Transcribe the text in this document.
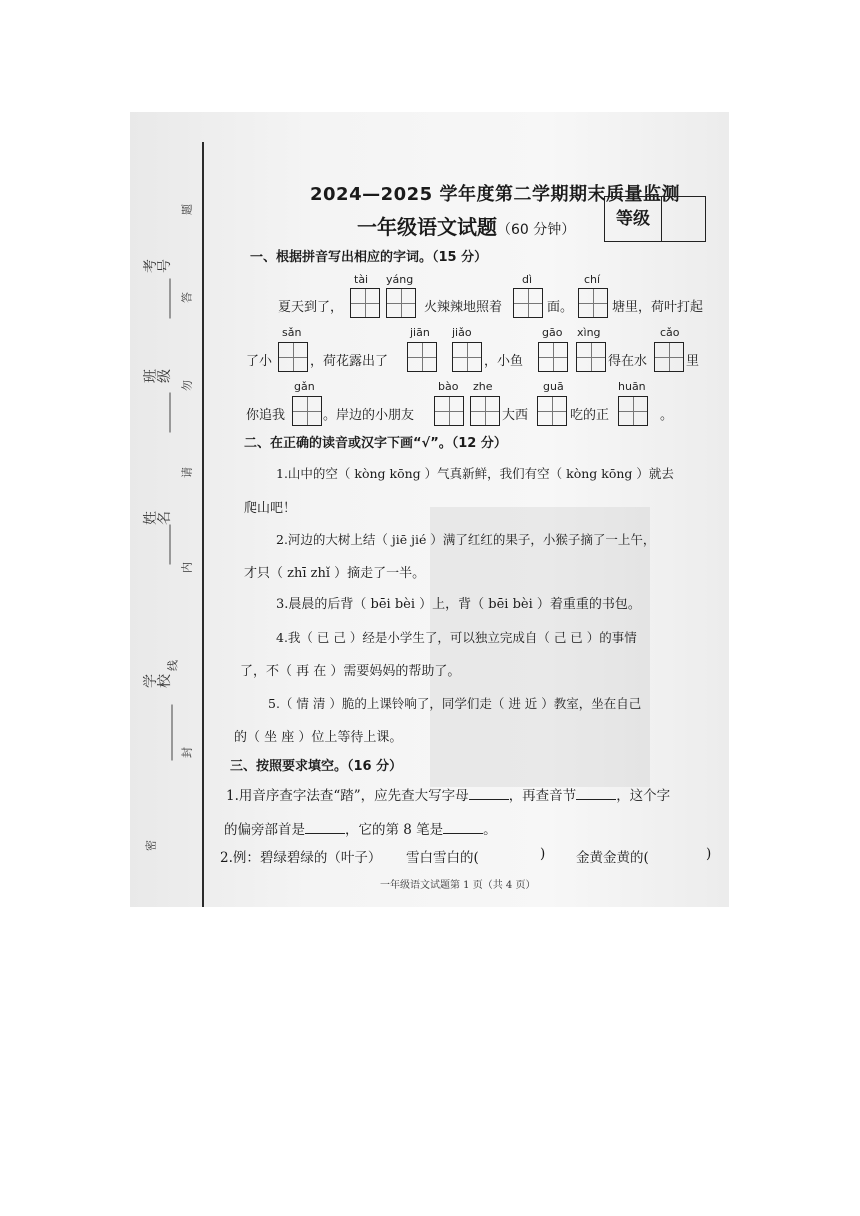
考号
班级
姓名
学校
题
答
勿
请
内
线
封
密
2024—2025 学年度第二学期期末质量监测
一年级语文试题（60 分钟）
等级
一、根据拼音写出相应的字词。（15 分）
tài yáng	dì	chí
夏天到了，	火辣辣地照着	面。	塘里，荷叶打起
sǎn	jiān jiǎo	gāo xìng	cǎo
了小	，荷花露出了	，小鱼	得在水	里
gǎn	bào zhe	guā	huān
你追我	。岸边的小朋友	大西	吃的正	。
二、在正确的读音或汉字下画“√”。（12 分）
1.山中的空（ kòng kōng ）气真新鲜，我们有空（ kòng kōng ）就去
爬山吧！
2.河边的大树上结（ jiē jié ）满了红红的果子，小猴子摘了一上午，
才只（ zhī zhǐ ）摘走了一半。
3.晨晨的后背（ bēi bèi ）上，背（ bēi bèi ）着重重的书包。
4.我（ 已 己 ）经是小学生了，可以独立完成自（ 己 已 ）的事情
了，不（ 再 在 ）需要妈妈的帮助了。
5.（ 情 清 ）脆的上课铃响了，同学们走（ 进 近 ）教室，坐在自己
的（ 坐 座 ）位上等待上课。
三、按照要求填空。（16 分）
1.用音序查字法查“踏”，应先查大写字母	，再查音节	，这个字
的偏旁部首是	，它的第 8 笔是	。
2.例：碧绿碧绿的（叶子） 雪白雪白的(	) 金黄金黄的(	)
一年级语文试题第 1 页（共 4 页）
